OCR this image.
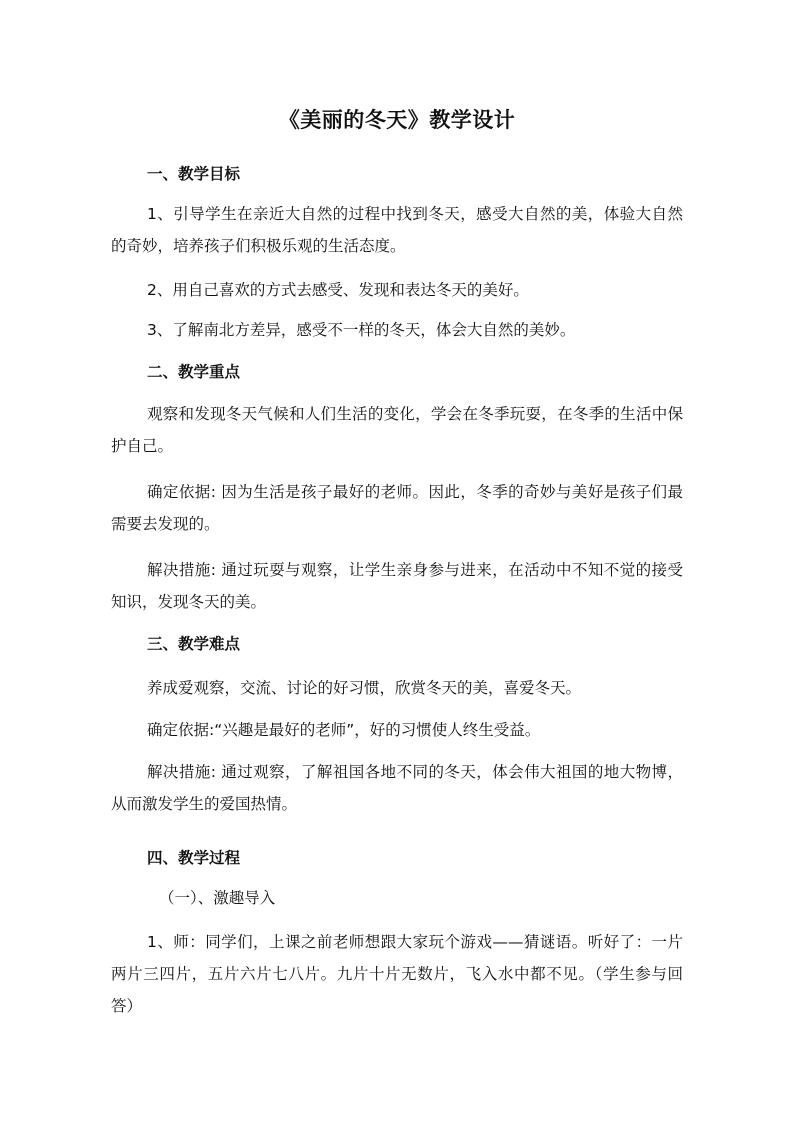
《美丽的冬天》教学设计
一、教学目标
1、引导学生在亲近大自然的过程中找到冬天，感受大自然的美，体验大自然的奇妙，培养孩子们积极乐观的生活态度。
2、用自己喜欢的方式去感受、发现和表达冬天的美好。
3、了解南北方差异，感受不一样的冬天，体会大自然的美妙。
二、教学重点
观察和发现冬天气候和人们生活的变化，学会在冬季玩耍，在冬季的生活中保护自己。
确定依据: 因为生活是孩子最好的老师。因此，冬季的奇妙与美好是孩子们最需要去发现的。
解决措施: 通过玩耍与观察，让学生亲身参与进来，在活动中不知不觉的接受知识，发现冬天的美。
三、教学难点
养成爱观察，交流、讨论的好习惯，欣赏冬天的美，喜爱冬天。
确定依据:“兴趣是最好的老师”，好的习惯使人终生受益。
解决措施: 通过观察，了解祖国各地不同的冬天，体会伟大祖国的地大物博，从而激发学生的爱国热情。
四、教学过程
（一）、激趣导入
1、师：同学们，上课之前老师想跟大家玩个游戏——猜谜语。听好了：一片两片三四片，五片六片七八片。九片十片无数片，飞入水中都不见。（学生参与回答）
